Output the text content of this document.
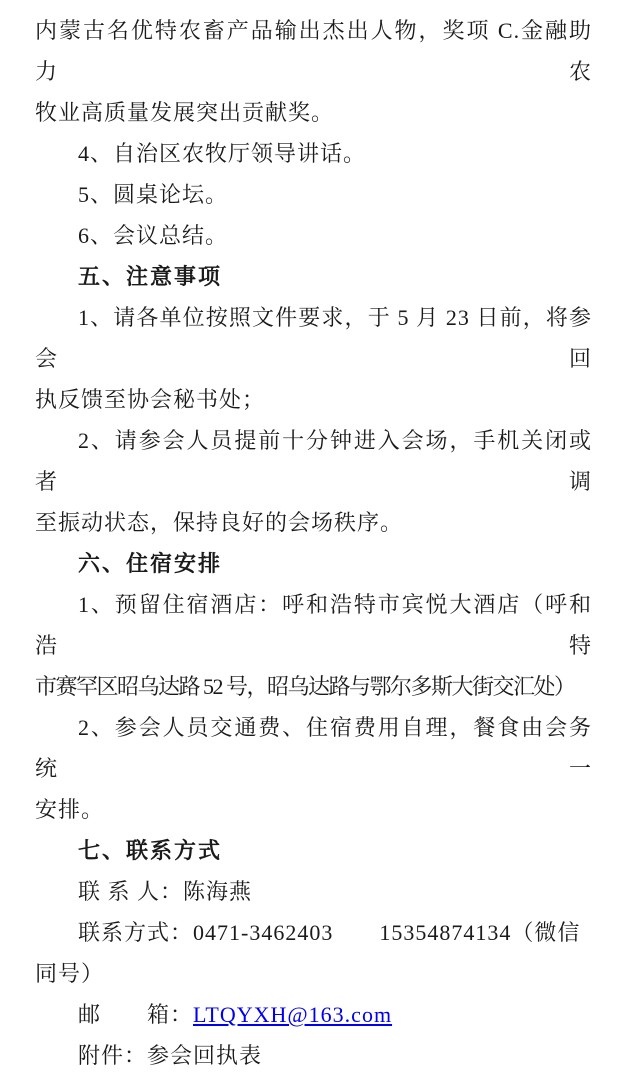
内蒙古名优特农畜产品输出杰出人物，奖项 C.金融助力农

牧业高质量发展突出贡献奖。

4、自治区农牧厅领导讲话。

5、圆桌论坛。

6、会议总结。

五、注意事项

1、请各单位按照文件要求，于 5 月 23 日前，将参会回

执反馈至协会秘书处；

2、请参会人员提前十分钟进入会场，手机关闭或者调

至振动状态，保持良好的会场秩序。

六、住宿安排

1、预留住宿酒店：呼和浩特市宾悦大酒店（呼和浩特

市赛罕区昭乌达路 52 号，昭乌达路与鄂尔多斯大街交汇处）

2、参会人员交通费、住宿费用自理，餐食由会务统一

安排。

七、联系方式

联 系 人：陈海燕

联系方式：0471-3462403　　15354874134（微信同号）

邮　　箱：LTQYXH@163.com

附件：参会回执表
